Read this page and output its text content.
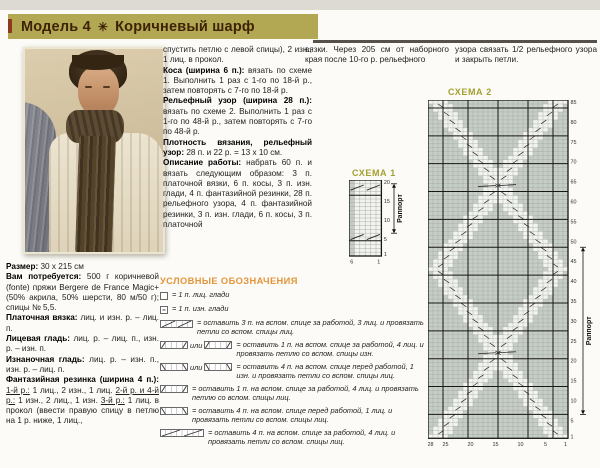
Модель 4 ✳ Коричневый шарф

Размер: 30 х 215 см

Вам потребуется: 500 г коричневой (fonte) пряжи Bergere de France Magic+ (50% акрила, 50% шерсти, 80 м/50 г); спицы № 5,5.

Платочная вязка: лиц. и изн. р. – лиц. п.

Лицевая гладь: лиц. р. – лиц. п., изн. р. – изн. п.

Изнаночная гладь: лиц. р. – изн. п., изн. р. – лиц. п.

Фантазийная резинка (ширина 4 п.): 1-й р.: 1 лиц., 2 изн., 1 лиц. 2-й р. и 4-й р.: 1 изн., 2 лиц., 1 изн. 3-й р.: 1 лиц. в прокол (ввести правую спицу в петлю на 1 р. ниже, 1 лиц.,

спустить петлю с левой спицы), 2 изн., 1 лиц. в прокол.

Коса (ширина 6 п.): вязать по схеме 1. Выполнить 1 раз с 1-го по 18-й р., затем повторять с 7-го по 18-й р.

Рельефный узор (ширина 28 п.): вязать по схеме 2. Выполнить 1 раз с 1-го по 48-й р., затем повторять с 7-го по 48-й р.

Плотность вязания, рельефный узор: 28 п. и 22 р. = 13 х 10 см.

Описание работы: набрать 60 п. и вязать следующим образом: 3 п. платочной вязки, 6 п. косы, 3 п. изн. глади, 4 п. фантазийной резинки, 28 п. рельефного узора, 4 п. фантазийной резинки, 3 п. изн. глади, 6 п. косы, 3 п. платочной

вязки. Через 205 см от наборного края после 10-го р. рельефного

узора связать 1/2 рельефного узора и закрыть петли.

УСЛОВНЫЕ ОБОЗНАЧЕНИЯ
= 1 п. лиц. глади
= 1 п. изн. глади
= оставить 3 п. на вспом. спице за работой, 3 лиц. и провязать петли со вспом. спицы лиц.
или	= оставить 1 п. на вспом. спице за работой, 4 лиц. и провязать петлю со вспом. спицы изн.
или	= оставить 4 п. на вспом. спице перед работой, 1 изн. и провязать петли со вспом. спицы лиц.
= оставить 1 п. на вспом. спице за работой, 4 лиц. и провязать петлю со вспом. спицы лиц.
= оставить 4 п. на вспом. спице перед работой, 1 лиц. и провязать петли со вспом. спицы лиц.
= оставить 4 п. на вспом. спице за работой, 4 лиц. и провязать петли со вспом. спицы лиц.
СХЕМА 1
20
15
10
5
1
6	1
Раппорт
СХЕМА 2
85
80
75
70
65
60
55
50
45
40
35
30
25
20
15
10
5
1
28 25	20	15	10	5	1
Раппорт
